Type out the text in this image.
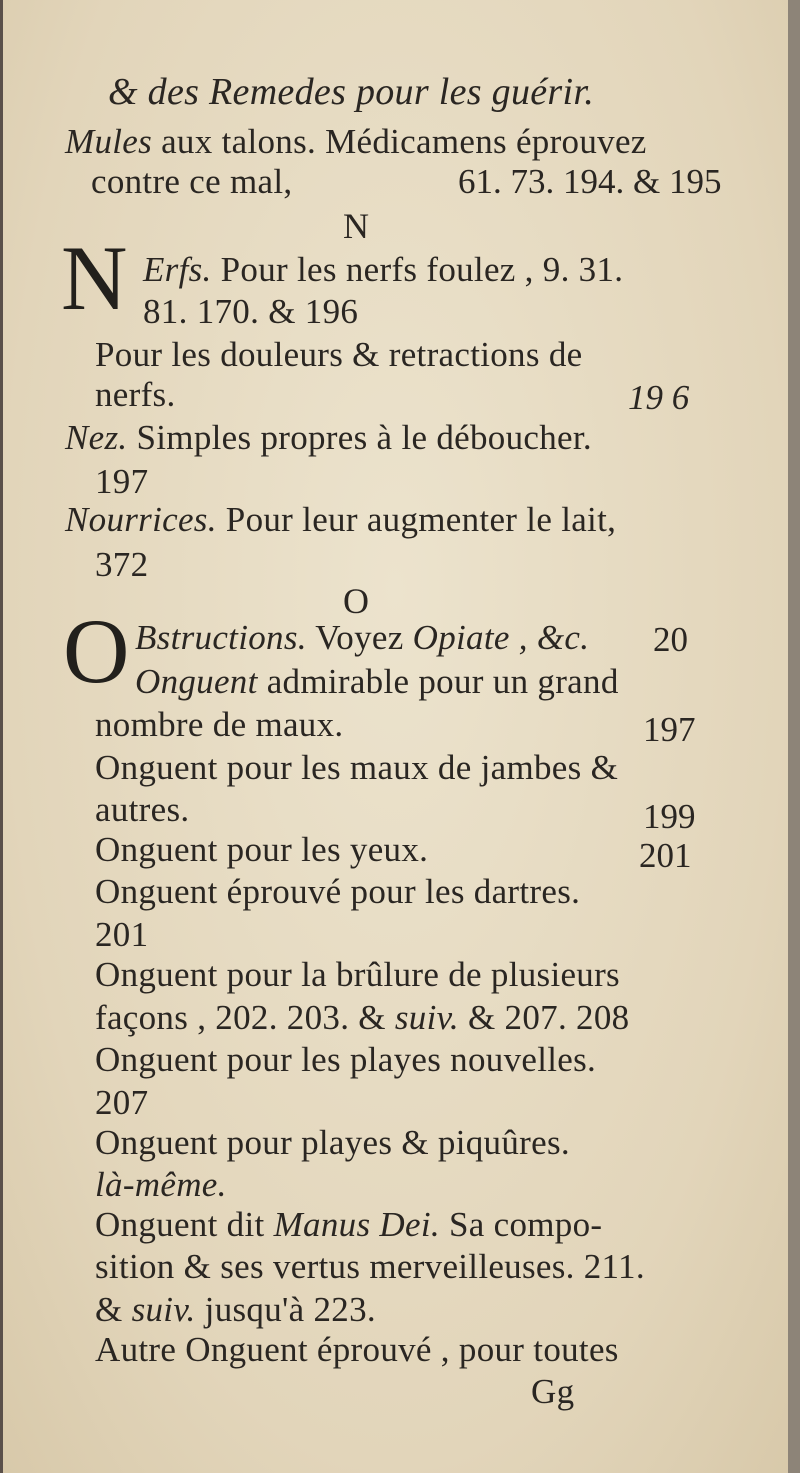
& des Remedes pour les guérir.
Mules aux talons. Médicamens éprouvez
contre ce mal,	61. 73. 194. & 195
N
N Erfs. Pour les nerfs foulez , 9. 31.
81. 170. & 196
Pour les douleurs & retractions de
nerfs.	19 6
Nez. Simples propres à le déboucher.
197
Nourrices. Pour leur augmenter le lait,
372
O
O Bstructions. Voyez Opiate , &c. 20
Onguent admirable pour un grand
nombre de maux.	197
Onguent pour les maux de jambes &
autres.	199
Onguent pour les yeux.	201
Onguent éprouvé pour les dartres.
201
Onguent pour la brûlure de plusieurs
façons , 202. 203. & suiv. & 207. 208
Onguent pour les playes nouvelles.
207
Onguent pour playes & piquûres.
là-même.
Onguent dit Manus Dei. Sa compo-
sition & ses vertus merveilleuses. 211.
& suiv. jusqu'à 223.
Autre Onguent éprouvé , pour toutes
Gg
